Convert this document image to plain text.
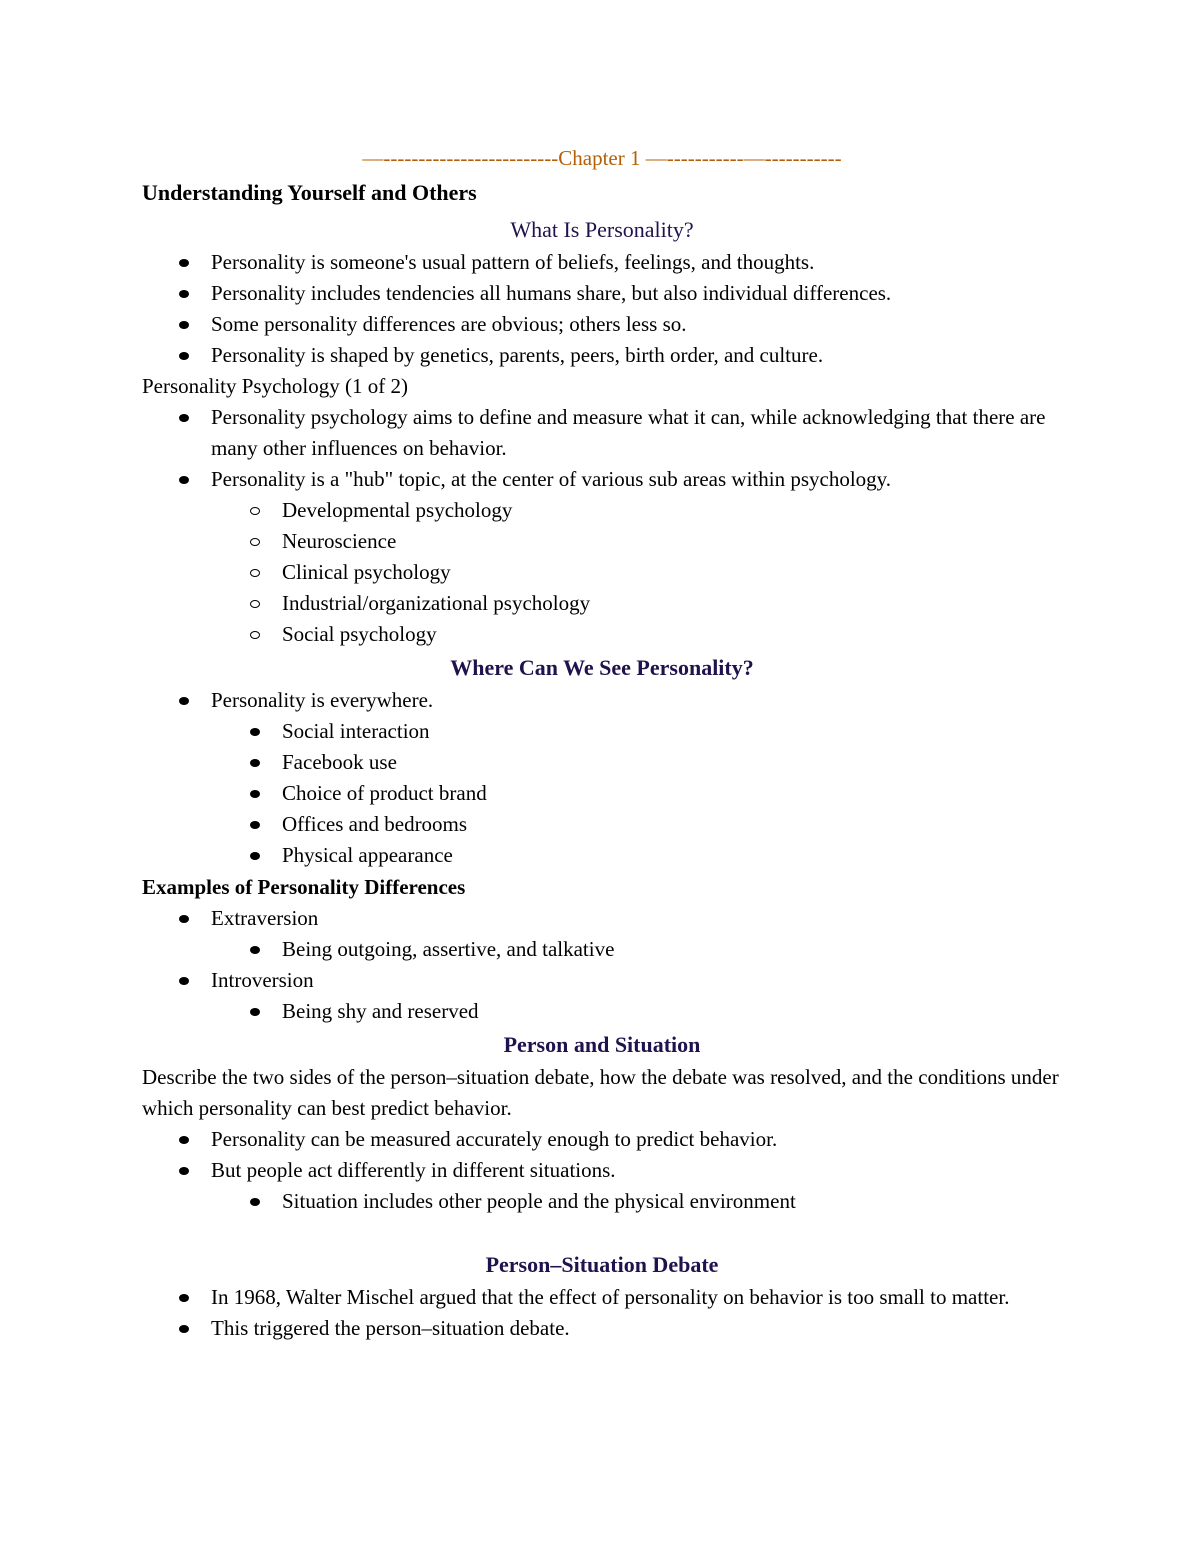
—-------------------------Chapter 1 —-----------—-----------
Understanding Yourself and Others
What Is Personality?
Personality is someone's usual pattern of beliefs, feelings, and thoughts.
Personality includes tendencies all humans share, but also individual differences.
Some personality differences are obvious; others less so.
Personality is shaped by genetics, parents, peers, birth order, and culture.
Personality Psychology (1 of 2)
Personality psychology aims to define and measure what it can, while acknowledging that there are many other influences on behavior.
Personality is a "hub" topic, at the center of various sub areas within psychology.
Developmental psychology
Neuroscience
Clinical psychology
Industrial/organizational psychology
Social psychology
Where Can We See Personality?
Personality is everywhere.
Social interaction
Facebook use
Choice of product brand
Offices and bedrooms
Physical appearance
Examples of Personality Differences
Extraversion
Being outgoing, assertive, and talkative
Introversion
Being shy and reserved
Person and Situation
Describe the two sides of the person–situation debate, how the debate was resolved, and the conditions under which personality can best predict behavior.
Personality can be measured accurately enough to predict behavior.
But people act differently in different situations.
Situation includes other people and the physical environment
Person–Situation Debate
In 1968, Walter Mischel argued that the effect of personality on behavior is too small to matter.
This triggered the person–situation debate.
